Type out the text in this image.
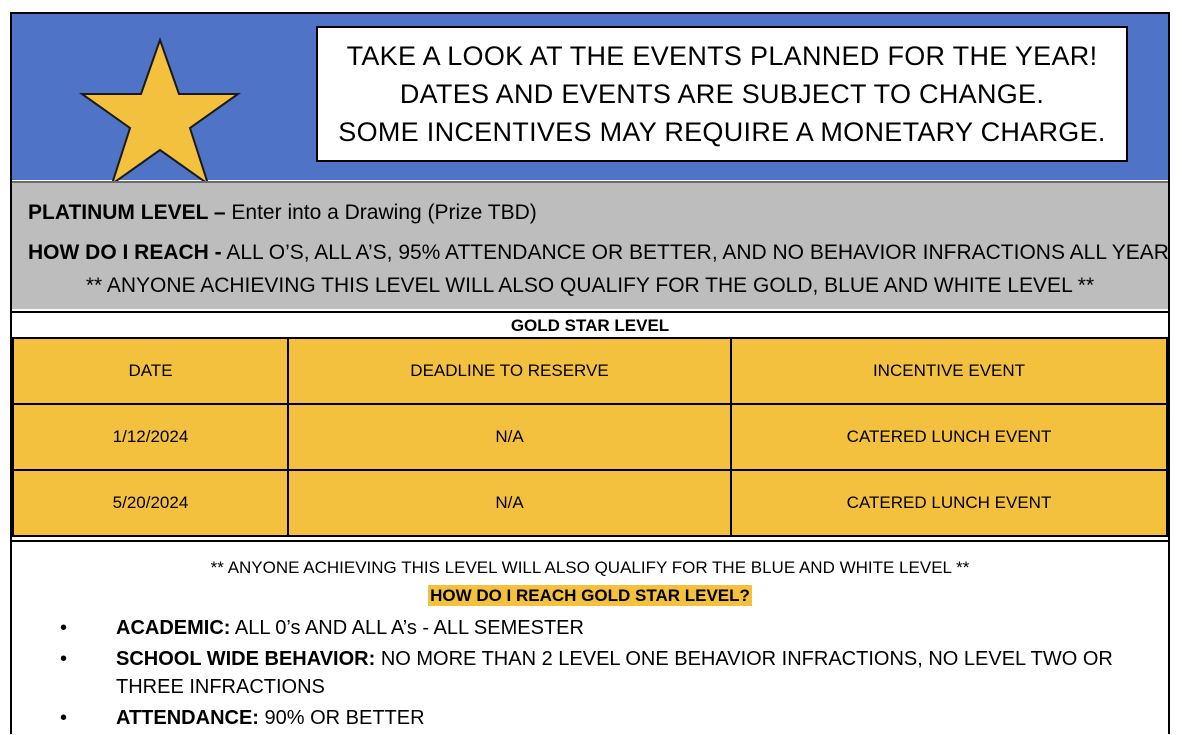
TAKE A LOOK AT THE EVENTS PLANNED FOR THE YEAR!
DATES AND EVENTS ARE SUBJECT TO CHANGE.
SOME INCENTIVES MAY REQUIRE A MONETARY CHARGE.
PLATINUM LEVEL – Enter into a Drawing (Prize TBD)
HOW DO I REACH - ALL O’S, ALL A’S, 95% ATTENDANCE OR BETTER, AND NO BEHAVIOR INFRACTIONS ALL YEAR
** ANYONE ACHIEVING THIS LEVEL WILL ALSO QUALIFY FOR THE GOLD, BLUE AND WHITE LEVEL **
GOLD STAR LEVEL
DATE	DEADLINE TO RESERVE	INCENTIVE EVENT
1/12/2024	N/A	CATERED LUNCH EVENT
5/20/2024	N/A	CATERED LUNCH EVENT
** ANYONE ACHIEVING THIS LEVEL WILL ALSO QUALIFY FOR THE BLUE AND WHITE LEVEL **
HOW DO I REACH GOLD STAR LEVEL?
• ACADEMIC: ALL 0’s AND ALL A’s - ALL SEMESTER
• SCHOOL WIDE BEHAVIOR: NO MORE THAN 2 LEVEL ONE BEHAVIOR INFRACTIONS, NO LEVEL TWO OR THREE INFRACTIONS
• ATTENDANCE: 90% OR BETTER
